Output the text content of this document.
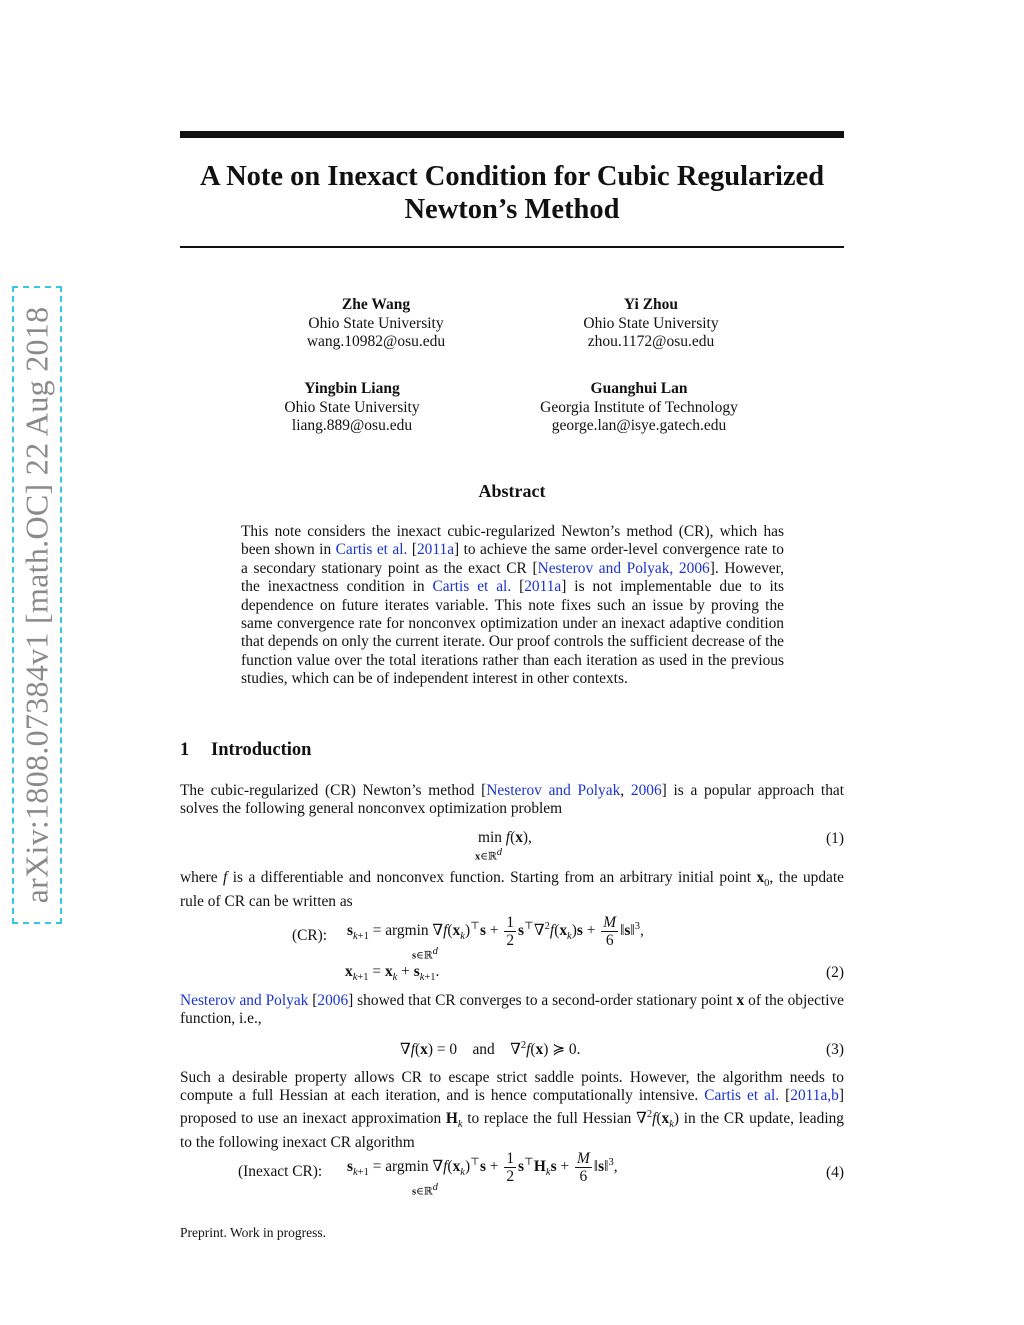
arXiv:1808.07384v1 [math.OC] 22 Aug 2018
A Note on Inexact Condition for Cubic Regularized Newton’s Method
Zhe Wang
Ohio State University
wang.10982@osu.edu
Yi Zhou
Ohio State University
zhou.1172@osu.edu
Yingbin Liang
Ohio State University
liang.889@osu.edu
Guanghui Lan
Georgia Institute of Technology
george.lan@isye.gatech.edu
Abstract
This note considers the inexact cubic-regularized Newton’s method (CR), which has been shown in Cartis et al. [2011a] to achieve the same order-level convergence rate to a secondary stationary point as the exact CR [Nesterov and Polyak, 2006]. However, the inexactness condition in Cartis et al. [2011a] is not implementable due to its dependence on future iterates variable. This note fixes such an issue by proving the same convergence rate for nonconvex optimization under an inexact adaptive condition that depends on only the current iterate. Our proof controls the sufficient decrease of the function value over the total iterations rather than each iteration as used in the previous studies, which can be of independent interest in other contexts.
1 Introduction
The cubic-regularized (CR) Newton’s method [Nesterov and Polyak, 2006] is a popular approach that solves the following general nonconvex optimization problem
min f(x),
x∈ℝ$^d$
(1)
where f is a differentiable and nonconvex function. Starting from an arbitrary initial point $x_0$, the update rule of CR can be written as
(CR): $s_{k+1} = argmin$ $\nabla f(x_k)^⊤s + \frac{1}{2} s^⊤\nabla^2f(x_k)s + \frac{M}{6}$ ‖s‖$^3$,
s∈ℝ$^d$
$x_{k+1} = x_k + s_{k+1}$.	(2)
Nesterov and Polyak [2006] showed that CR converges to a second-order stationary point x of the objective function, i.e.,
∇f(x) = 0    and    ∇$^2$f(x) ≽ 0.	(3)
Such a desirable property allows CR to escape strict saddle points. However, the algorithm needs to compute a full Hessian at each iteration, and is hence computationally intensive. Cartis et al. [2011a,b] proposed to use an inexact approximation $H_k$ to replace the full Hessian $\nabla^2f(x_k)$ in the CR update, leading to the following inexact CR algorithm
(Inexact CR): $s_{k+1} = argmin$ $\nabla f(x_k)^⊤s + \frac{1}{2} s^⊤H_ks + \frac{M}{6}$ ‖s‖$^3$,
s∈ℝ$^d$
(4)
Preprint. Work in progress.
